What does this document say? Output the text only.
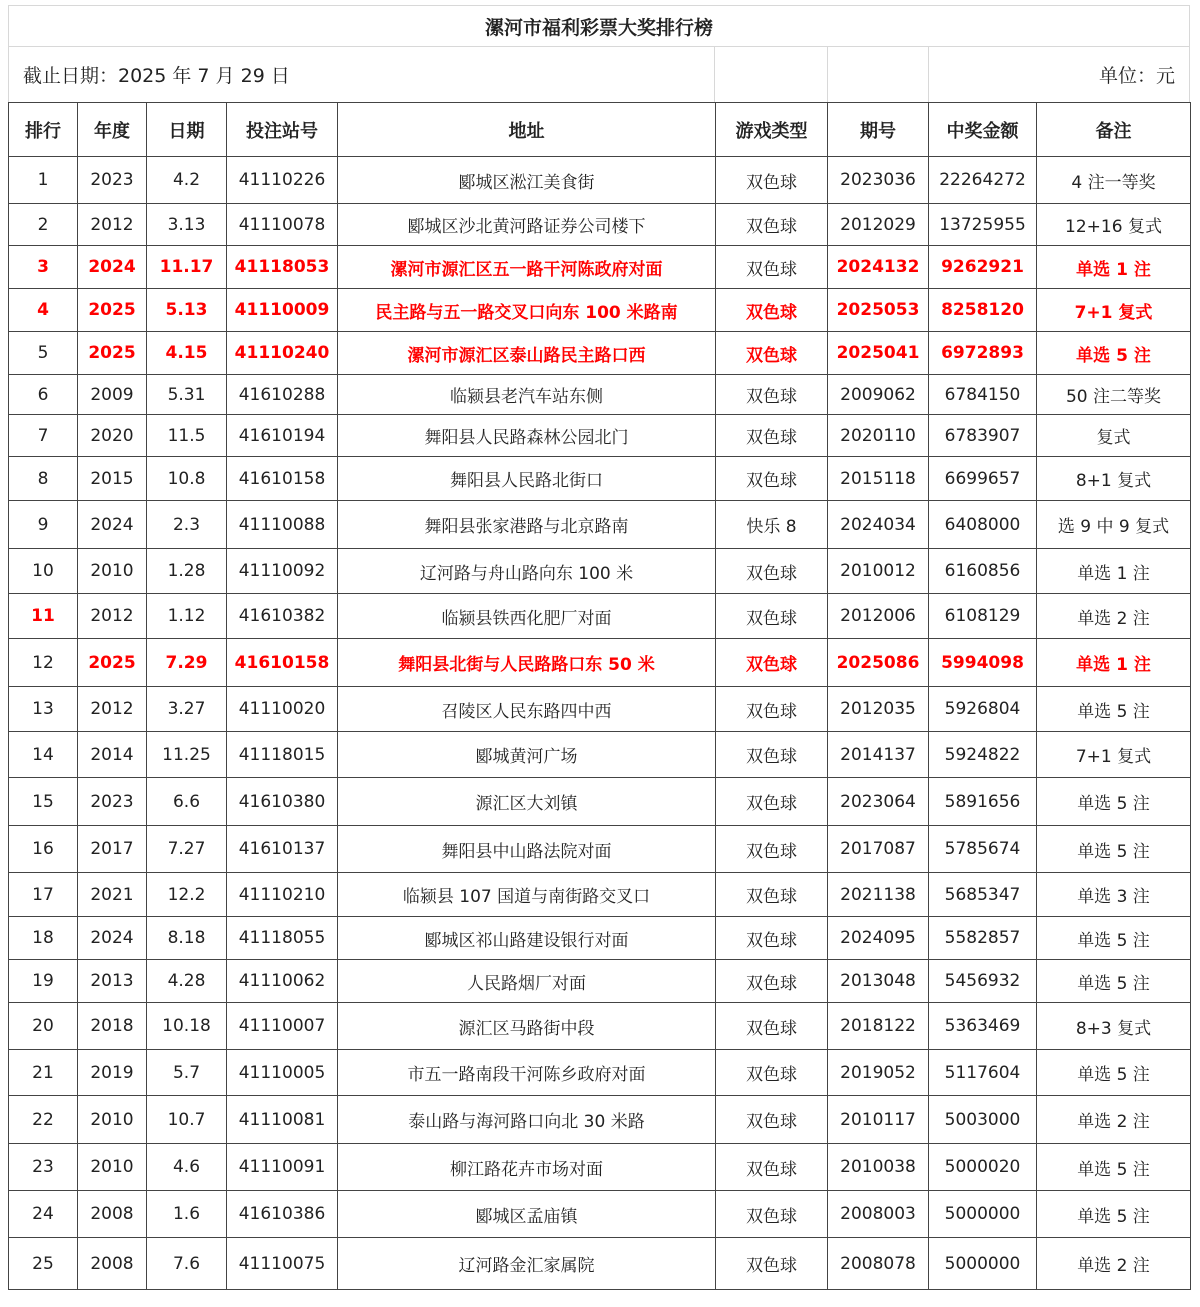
漯河市福利彩票大奖排行榜
截止日期：2025 年 7 月 29 日	单位：元
排行	年度	日期	投注站号	地址	游戏类型	期号	中奖金额	备注
1	2023	4.2	41110226	郾城区淞江美食街	双色球	2023036	22264272	4 注一等奖
2	2012	3.13	41110078	郾城区沙北黄河路证券公司楼下	双色球	2012029	13725955	12+16 复式
3	2024	11.17	41118053	漯河市源汇区五一路干河陈政府对面	双色球	2024132	9262921	单选 1 注
4	2025	5.13	41110009	民主路与五一路交叉口向东 100 米路南	双色球	2025053	8258120	7+1 复式
5	2025	4.15	41110240	漯河市源汇区泰山路民主路口西	双色球	2025041	6972893	单选 5 注
6	2009	5.31	41610288	临颍县老汽车站东侧	双色球	2009062	6784150	50 注二等奖
7	2020	11.5	41610194	舞阳县人民路森林公园北门	双色球	2020110	6783907	复式
8	2015	10.8	41610158	舞阳县人民路北街口	双色球	2015118	6699657	8+1 复式
9	2024	2.3	41110088	舞阳县张家港路与北京路南	快乐 8	2024034	6408000	选 9 中 9 复式
10	2010	1.28	41110092	辽河路与舟山路向东 100 米	双色球	2010012	6160856	单选 1 注
11	2012	1.12	41610382	临颍县铁西化肥厂对面	双色球	2012006	6108129	单选 2 注
12	2025	7.29	41610158	舞阳县北街与人民路路口东 50 米	双色球	2025086	5994098	单选 1 注
13	2012	3.27	41110020	召陵区人民东路四中西	双色球	2012035	5926804	单选 5 注
14	2014	11.25	41118015	郾城黄河广场	双色球	2014137	5924822	7+1 复式
15	2023	6.6	41610380	源汇区大刘镇	双色球	2023064	5891656	单选 5 注
16	2017	7.27	41610137	舞阳县中山路法院对面	双色球	2017087	5785674	单选 5 注
17	2021	12.2	41110210	临颍县 107 国道与南街路交叉口	双色球	2021138	5685347	单选 3 注
18	2024	8.18	41118055	郾城区祁山路建设银行对面	双色球	2024095	5582857	单选 5 注
19	2013	4.28	41110062	人民路烟厂对面	双色球	2013048	5456932	单选 5 注
20	2018	10.18	41110007	源汇区马路街中段	双色球	2018122	5363469	8+3 复式
21	2019	5.7	41110005	市五一路南段干河陈乡政府对面	双色球	2019052	5117604	单选 5 注
22	2010	10.7	41110081	泰山路与海河路口向北 30 米路	双色球	2010117	5003000	单选 2 注
23	2010	4.6	41110091	柳江路花卉市场对面	双色球	2010038	5000020	单选 5 注
24	2008	1.6	41610386	郾城区孟庙镇	双色球	2008003	5000000	单选 5 注
25	2008	7.6	41110075	辽河路金汇家属院	双色球	2008078	5000000	单选 2 注
